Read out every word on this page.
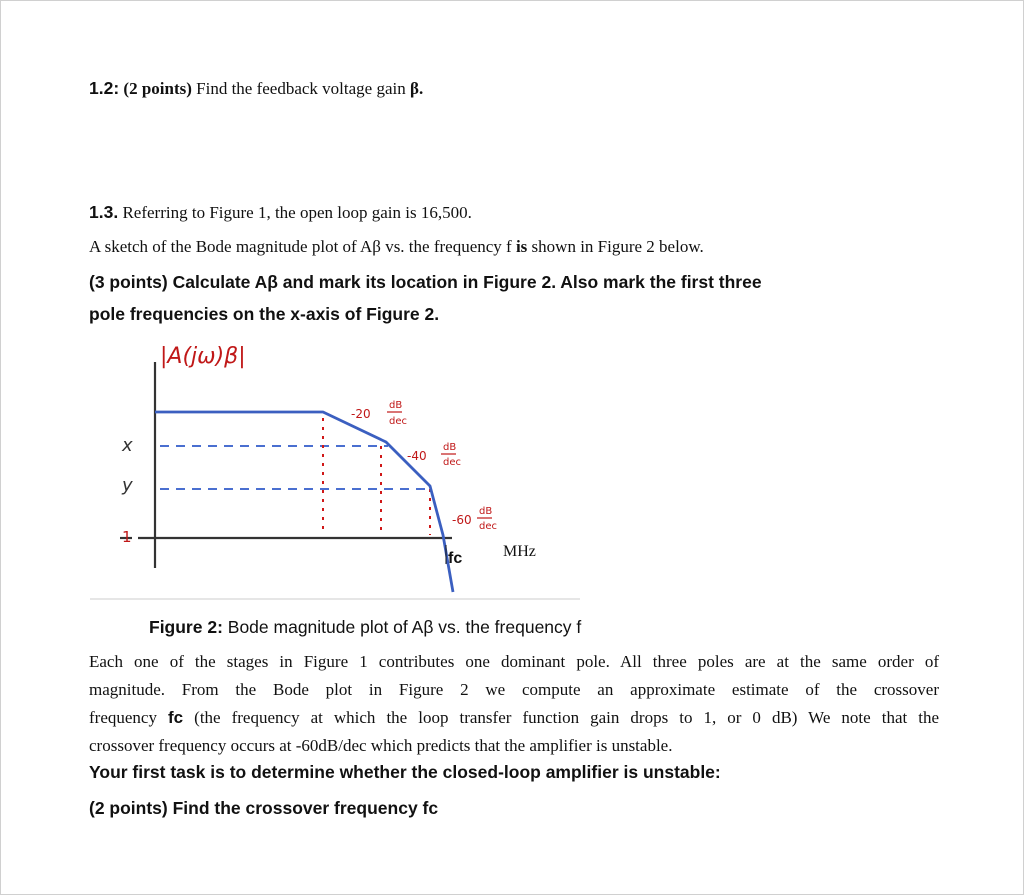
1.2: (2 points) Find the feedback voltage gain β.
1.3. Referring to Figure 1, the open loop gain is 16,500.
A sketch of the Bode magnitude plot of Aβ vs. the frequency f is shown in Figure 2 below.
(3 points) Calculate Aβ and mark its location in Figure 2. Also mark the first three
pole frequencies on the x-axis of Figure 2.
|A(jω)β|
x
y
1
-20
dB
dec
-40
dB
dec
-60
dB
dec
fc	MHz
Figure 2: Bode magnitude plot of Aβ vs. the frequency f
Each one of the stages in Figure 1 contributes one dominant pole. All three poles are at the same order of
magnitude. From the Bode plot in Figure 2 we compute an approximate estimate of the crossover
frequency fc (the frequency at which the loop transfer function gain drops to 1, or 0 dB) We note that the
crossover frequency occurs at -60dB/dec which predicts that the amplifier is unstable.
Your first task is to determine whether the closed-loop amplifier is unstable:
(2 points) Find the crossover frequency fc
